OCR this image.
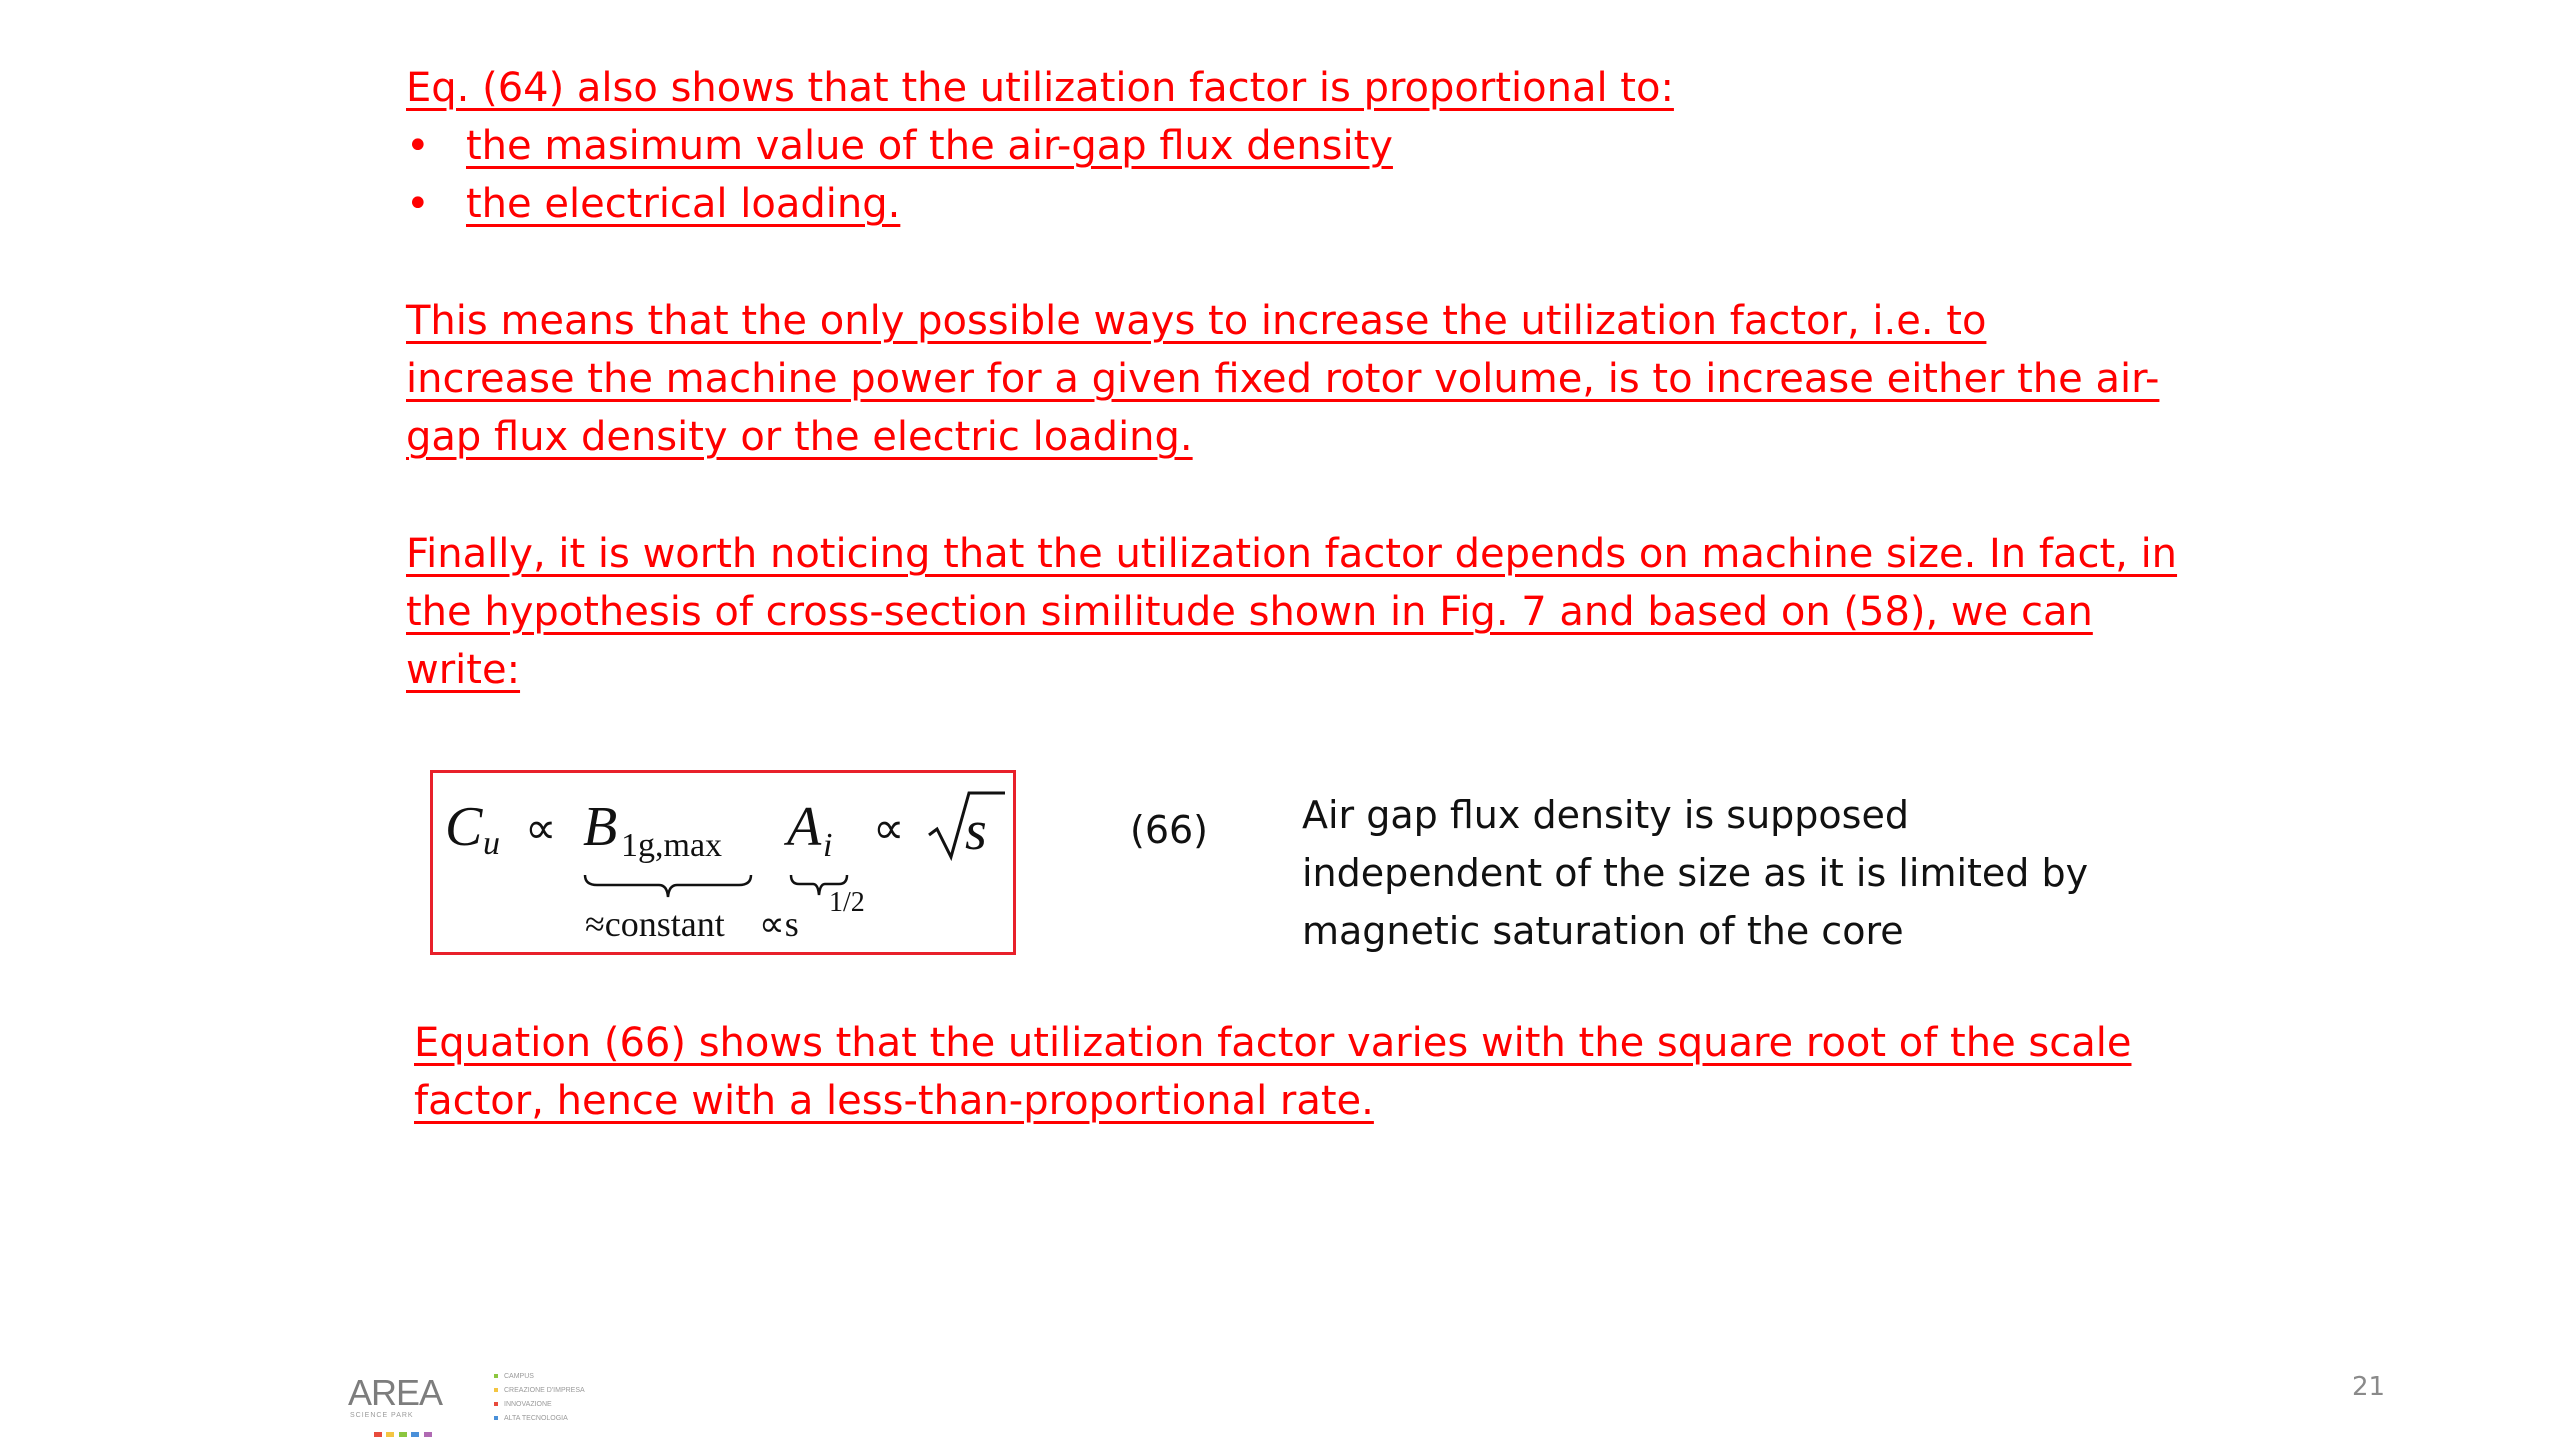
Eq. (64) also shows that the utilization factor is proportional to:
• the masimum value of the air-gap flux density
• the electrical loading.
This means that the only possible ways to increase the utilization factor, i.e. to increase the machine power for a given fixed rotor volume, is to increase either the air-gap flux density or the electric loading.
Finally, it is worth noticing that the utilization factor depends on machine size. In fact, in the hypothesis of cross-section similitude shown in Fig. 7 and based on (58), we can write:
C u ∝ B 1g,max
≈constant
A i
∝s
1/2
∝ s	(66) Air gap flux density is supposed independent of the size as it is limited by magnetic saturation of the core
Equation (66) shows that the utilization factor varies with the square root of the scale factor, hence with a less-than-proportional rate.
21
AREA
SCIENCE PARK

CAMPUS
CREAZIONE D'IMPRESA
INNOVAZIONE
ALTA TECNOLOGIA
